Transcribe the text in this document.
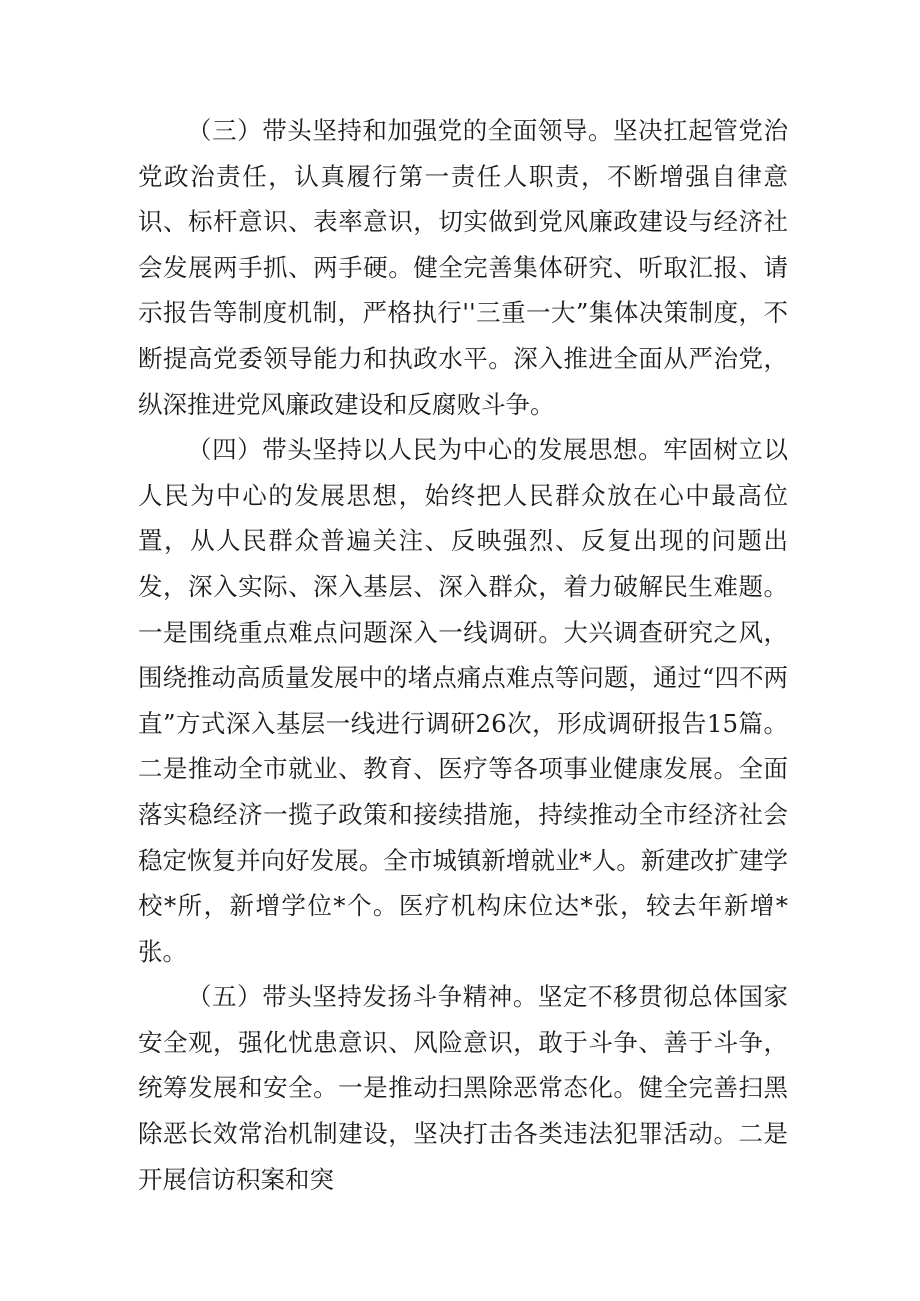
（三）带头坚持和加强党的全面领导。坚决扛起管党治党政治责任，认真履行第一责任人职责，不断增强自律意识、标杆意识、表率意识，切实做到党风廉政建设与经济社会发展两手抓、两手硬。健全完善集体研究、听取汇报、请示报告等制度机制，严格执行''三重一大”集体决策制度，不断提高党委领导能力和执政水平。深入推进全面从严治党，纵深推进党风廉政建设和反腐败斗争。

（四）带头坚持以人民为中心的发展思想。牢固树立以人民为中心的发展思想，始终把人民群众放在心中最高位置，从人民群众普遍关注、反映强烈、反复出现的问题出发，深入实际、深入基层、深入群众，着力破解民生难题。一是围绕重点难点问题深入一线调研。大兴调查研究之风，围绕推动高质量发展中的堵点痛点难点等问题，通过“四不两直”方式深入基层一线进行调研26次，形成调研报告15篇。二是推动全市就业、教育、医疗等各项事业健康发展。全面落实稳经济一揽子政策和接续措施，持续推动全市经济社会稳定恢复并向好发展。全市城镇新增就业*人。新建改扩建学校*所，新增学位*个。医疗机构床位达*张，较去年新增*张。

（五）带头坚持发扬斗争精神。坚定不移贯彻总体国家安全观，强化忧患意识、风险意识，敢于斗争、善于斗争，统筹发展和安全。一是推动扫黑除恶常态化。健全完善扫黑除恶长效常治机制建设，坚决打击各类违法犯罪活动。二是开展信访积案和突
